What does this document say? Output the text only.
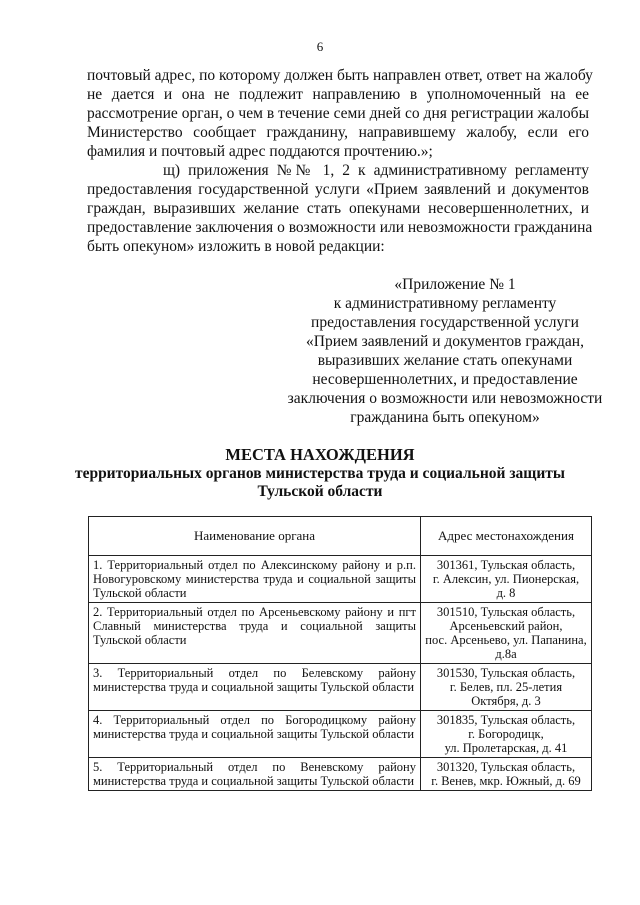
6
почтовый адрес, по которому должен быть направлен ответ, ответ на жалобу
не дается и она не подлежит направлению в уполномоченный на ее
рассмотрение орган, о чем в течение семи дней со дня регистрации жалобы
Министерство сообщает гражданину, направившему жалобу, если его
фамилия и почтовый адрес поддаются прочтению.»;
щ) приложения №№ 1, 2 к административному регламенту
предоставления государственной услуги «Прием заявлений и документов
граждан, выразивших желание стать опекунами несовершеннолетних, и
предоставление заключения о возможности или невозможности гражданина
быть опекуном» изложить в новой редакции:
«Приложение № 1
к административному регламенту
предоставления государственной услуги
«Прием заявлений и документов граждан,
выразивших желание стать опекунами
несовершеннолетних, и предоставление
заключения о возможности или невозможности
гражданина быть опекуном»
МЕСТА НАХОЖДЕНИЯ
территориальных органов министерства труда и социальной защиты
Тульской области
Наименование органа	Адрес местонахождения
1. Территориальный отдел по Алексинскому району и р.п. Новогуровскому министерства труда и социальной защиты Тульской области	301361, Тульская область,
г. Алексин, ул. Пионерская,
д. 8

2. Территориальный отдел по Арсеньевскому району и пгт Славный министерства труда и социальной защиты Тульской области	301510, Тульская область,
Арсеньевский район,
пос. Арсеньево, ул. Папанина,
д.8а

3. Территориальный отдел по Белевскому району министерства труда и социальной защиты Тульской области	301530, Тульская область,
г. Белев, пл. 25-летия
Октября, д. 3

4. Территориальный отдел по Богородицкому району министерства труда и социальной защиты Тульской области	301835, Тульская область,
г. Богородицк,
ул. Пролетарская, д. 41

5. Территориальный отдел по Веневскому району министерства труда и социальной защиты Тульской области	301320, Тульская область,
г. Венев, мкр. Южный, д. 69
